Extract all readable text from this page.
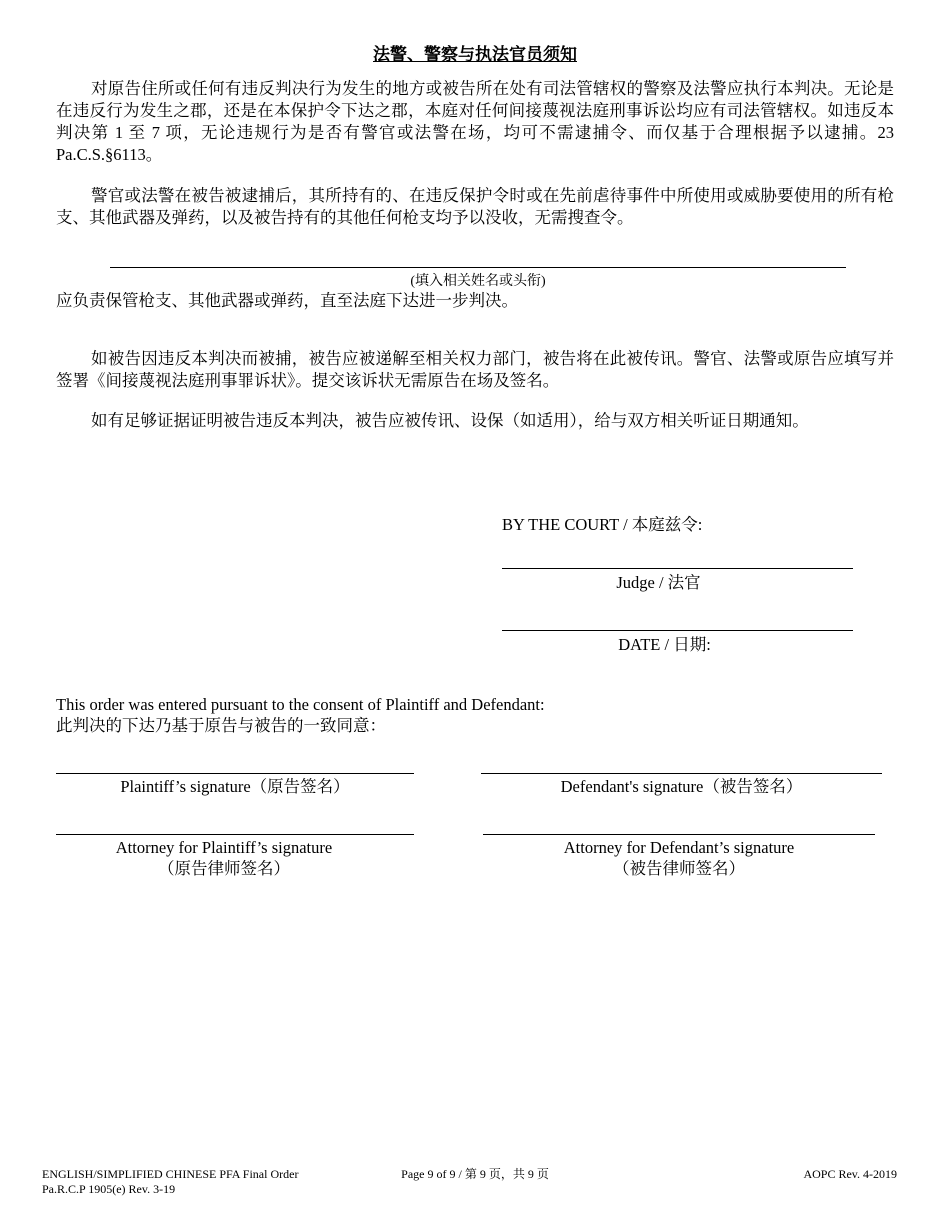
法警、警察与执法官员须知
对原告住所或任何有违反判决行为发生的地方或被告所在处有司法管辖权的警察及法警应执行本判决。无论是在违反行为发生之郡，还是在本保护令下达之郡，本庭对任何间接蔑视法庭刑事诉讼均应有司法管辖权。如违反本判决第 1 至 7 项，无论违规行为是否有警官或法警在场，均可不需逮捕令、而仅基于合理根据予以逮捕。23 Pa.C.S.§6113。
警官或法警在被告被逮捕后，其所持有的、在违反保护令时或在先前虐待事件中所使用或威胁要使用的所有枪支、其他武器及弹药，以及被告持有的其他任何枪支均予以没收，无需搜查令。
(填入相关姓名或头衔)
应负责保管枪支、其他武器或弹药，直至法庭下达进一步判决。
如被告因违反本判决而被捕，被告应被递解至相关权力部门，被告将在此被传讯。警官、法警或原告应填写并签署《间接蔑视法庭刑事罪诉状》。提交该诉状无需原告在场及签名。
如有足够证据证明被告违反本判决，被告应被传讯、设保（如适用），给与双方相关听证日期通知。
BY THE COURT / 本庭兹令:
Judge / 法官
DATE / 日期:
This order was entered pursuant to the consent of Plaintiff and Defendant:
此判决的下达乃基于原告与被告的一致同意：
Plaintiff’s signature（原告签名）	Defendant's signature（被告签名）
Attorney for Plaintiff’s signature
（原告律师签名）
Attorney for Defendant’s signature
（被告律师签名）
ENGLISH/SIMPLIFIED CHINESE PFA Final Order
Pa.R.C.P 1905(e) Rev. 3-19
Page 9 of 9 / 第 9 页，共 9 页	AOPC Rev. 4-2019
